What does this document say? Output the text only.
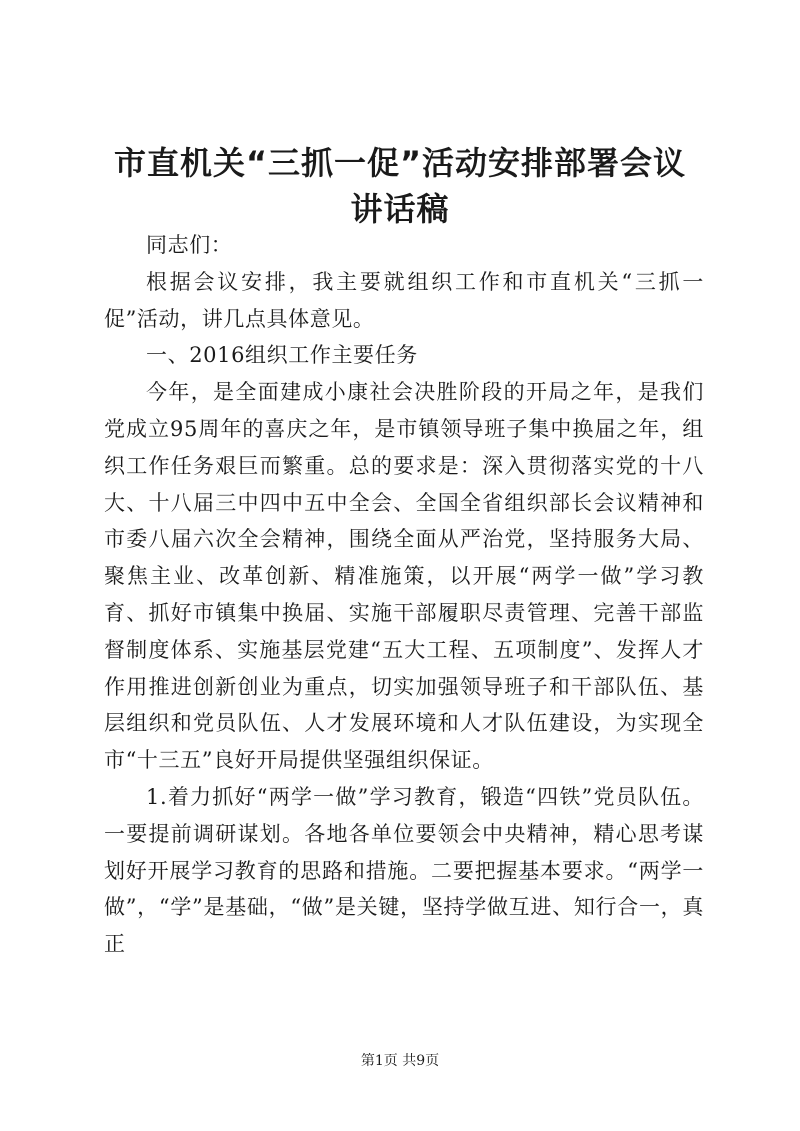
市直机关“三抓一促”活动安排部署会议讲话稿

同志们：

根据会议安排，我主要就组织工作和市直机关“三抓一促”活动，讲几点具体意见。

一、2016组织工作主要任务

今年，是全面建成小康社会决胜阶段的开局之年，是我们党成立95周年的喜庆之年，是市镇领导班子集中换届之年，组织工作任务艰巨而繁重。总的要求是：深入贯彻落实党的十八大、十八届三中四中五中全会、全国全省组织部长会议精神和市委八届六次全会精神，围绕全面从严治党，坚持服务大局、聚焦主业、改革创新、精准施策，以开展“两学一做”学习教育、抓好市镇集中换届、实施干部履职尽责管理、完善干部监督制度体系、实施基层党建“五大工程、五项制度”、发挥人才作用推进创新创业为重点，切实加强领导班子和干部队伍、基层组织和党员队伍、人才发展环境和人才队伍建设，为实现全市“十三五”良好开局提供坚强组织保证。

1.着力抓好“两学一做”学习教育，锻造“四铁”党员队伍。一要提前调研谋划。各地各单位要领会中央精神，精心思考谋划好开展学习教育的思路和措施。二要把握基本要求。“两学一做”，“学”是基础，“做”是关键，坚持学做互进、知行合一，真正

第1页 共9页
